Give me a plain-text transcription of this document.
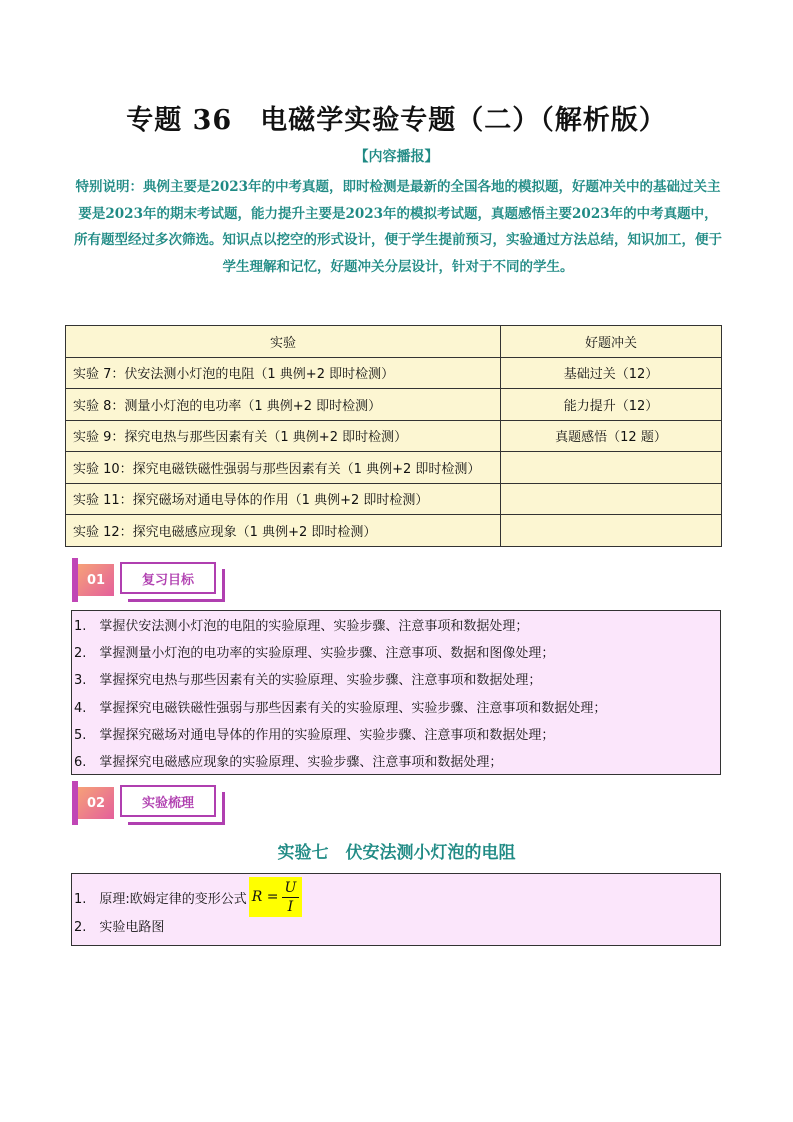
专题 36　电磁学实验专题（二）（解析版）
【内容播报】
特别说明：典例主要是2023年的中考真题，即时检测是最新的全国各地的模拟题，好题冲关中的基础过关主要是2023年的期末考试题，能力提升主要是2023年的模拟考试题，真题感悟主要2023年的中考真题中，所有题型经过多次筛选。知识点以挖空的形式设计，便于学生提前预习，实验通过方法总结，知识加工，便于学生理解和记忆，好题冲关分层设计，针对于不同的学生。
实验	好题冲关
实验 7：伏安法测小灯泡的电阻（1 典例+2 即时检测）	基础过关（12）
实验 8：测量小灯泡的电功率（1 典例+2 即时检测）	能力提升（12）
实验 9：探究电热与那些因素有关（1 典例+2 即时检测）	真题感悟（12 题）
实验 10：探究电磁铁磁性强弱与那些因素有关（1 典例+2 即时检测）	
实验 11：探究磁场对通电导体的作用（1 典例+2 即时检测）	
实验 12：探究电磁感应现象（1 典例+2 即时检测）	
01	复习目标
1.　掌握伏安法测小灯泡的电阻的实验原理、实验步骤、注意事项和数据处理；
2.　掌握测量小灯泡的电功率的实验原理、实验步骤、注意事项、数据和图像处理；
3.　掌握探究电热与那些因素有关的实验原理、实验步骤、注意事项和数据处理；
4.　掌握探究电磁铁磁性强弱与那些因素有关的实验原理、实验步骤、注意事项和数据处理；
5.　掌握探究磁场对通电导体的作用的实验原理、实验步骤、注意事项和数据处理；
6.　掌握探究电磁感应现象的实验原理、实验步骤、注意事项和数据处理；
02	实验梳理
实验七　伏安法测小灯泡的电阻
1.　原理:欧姆定律的变形公式 $R = \frac{U}{I}$
2.　实验电路图
